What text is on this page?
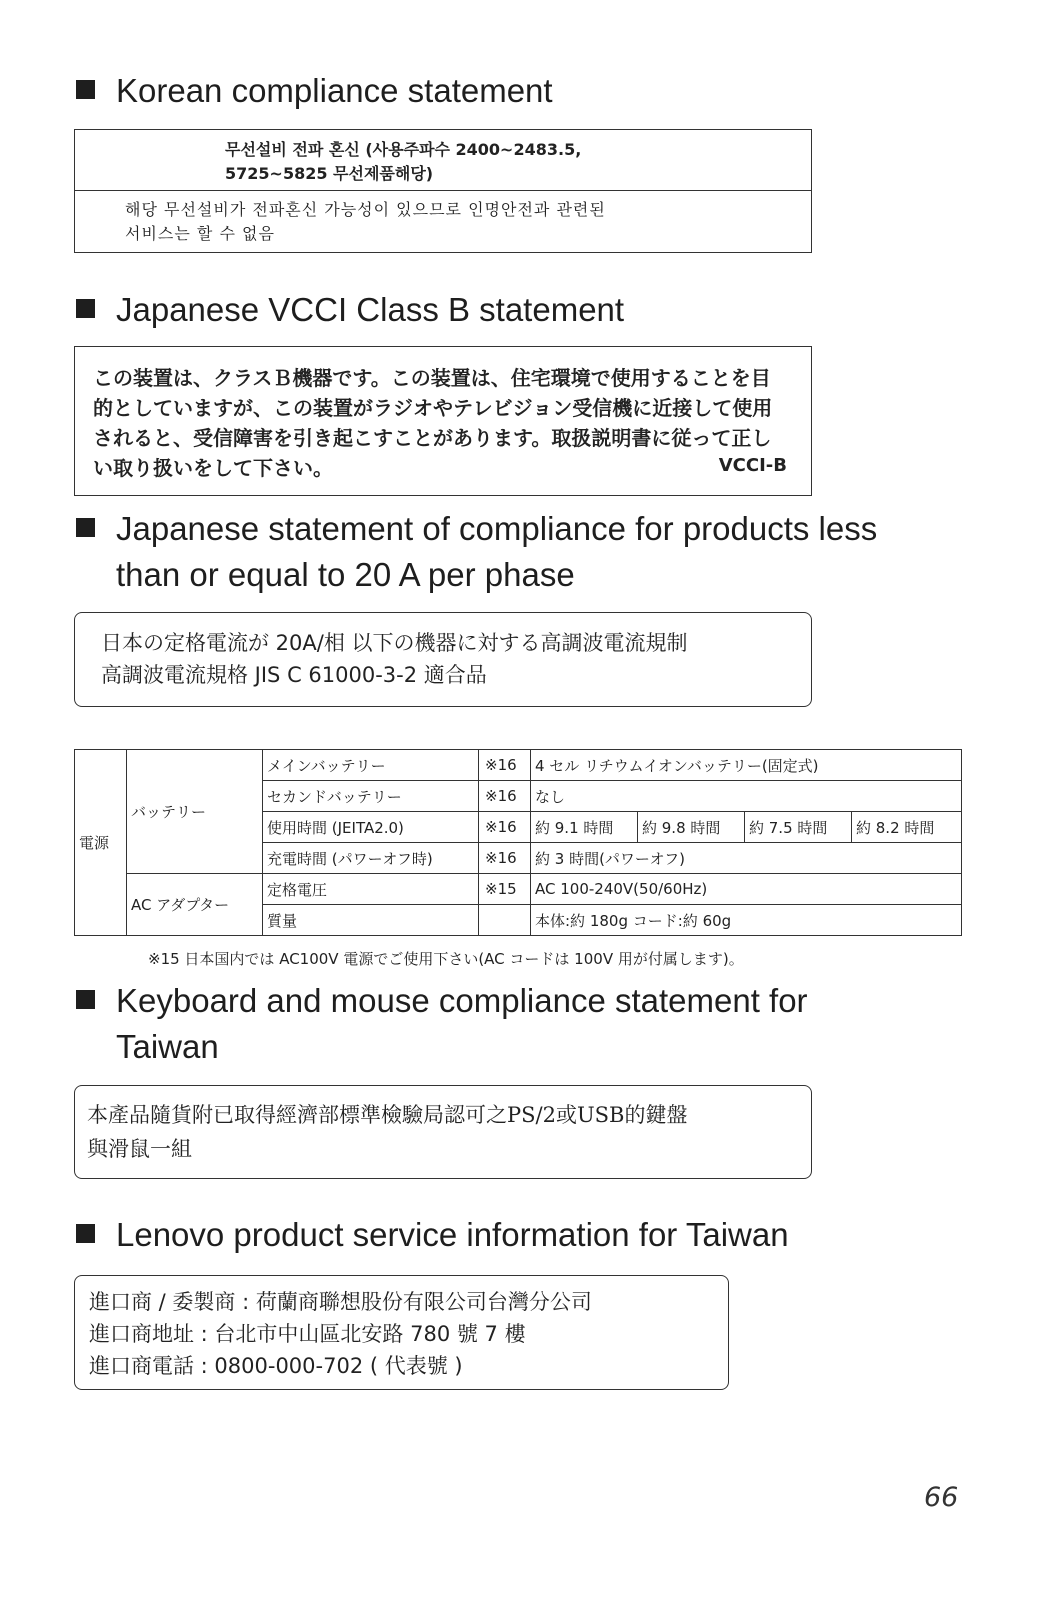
Korean compliance statement
무선설비 전파 혼신 (사용주파수 2400∼2483.5,
5725∼5825 무선제품해당)
해당 무선설비가 전파혼신 가능성이 있으므로 인명안전과 관련된
서비스는 할 수 없음
Japanese VCCI Class B statement
この装置は、クラスＢ機器です。この装置は、住宅環境で使用することを目
的としていますが、この装置がラジオやテレビジョン受信機に近接して使用
されると、受信障害を引き起こすことがあります。取扱説明書に従って正し
い取り扱いをして下さい。	VCCI-B
Japanese statement of compliance for products less
than or equal to 20 A per phase
日本の定格電流が 20A/相 以下の機器に対する高調波電流規制
高調波電流規格 JIS C 61000-3-2 適合品
電源	バッテリー	メインバッテリー	※16	4 セル リチウムイオンバッテリー(固定式)			
		セカンドバッテリー	※16	なし			
		使用時間 (JEITA2.0)	※16	約 9.1 時間	約 9.8 時間	約 7.5 時間	約 8.2 時間
		充電時間 (パワーオフ時)	※16	約 3 時間(パワーオフ)			
	AC アダプター	定格電圧	※15	AC 100-240V(50/60Hz)			
		質量		本体:約 180g コード:約 60g			
※15 日本国内では AC100V 電源でご使用下さい(AC コードは 100V 用が付属します)。
Keyboard and mouse compliance statement for
Taiwan
本產品隨貨附已取得經濟部標準檢驗局認可之PS/2或USB的鍵盤
與滑鼠一組
Lenovo product service information for Taiwan
進口商 / 委製商 : 荷蘭商聯想股份有限公司台灣分公司
進口商地址 : 台北市中山區北安路 780 號 7 樓
進口商電話 : 0800-000-702 ( 代表號 )
66
